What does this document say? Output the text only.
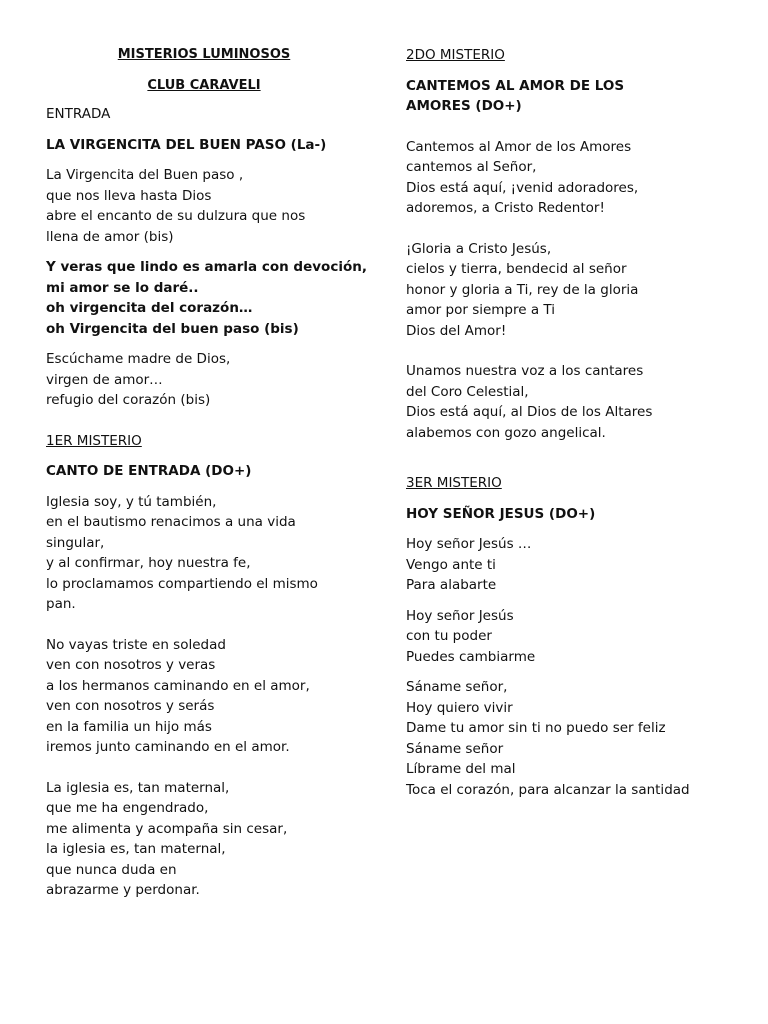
MISTERIOS LUMINOSOS

CLUB CARAVELI

ENTRADA

LA VIRGENCITA DEL BUEN PASO (La-)

La Virgencita del Buen paso ,
que nos lleva hasta Dios
abre el encanto de su dulzura que nos
llena de amor (bis)

Y veras que lindo es amarla con devoción,
mi amor se lo daré..
oh virgencita del corazón…
oh Virgencita del buen paso (bis)

Escúchame madre de Dios,
virgen de amor…
refugio del corazón (bis)

1ER MISTERIO

CANTO DE ENTRADA (DO+)

Iglesia soy, y tú también,
en el bautismo renacimos a una vida
singular,
y al confirmar, hoy nuestra fe,
lo proclamamos compartiendo el mismo
pan.

No vayas triste en soledad
ven con nosotros y veras
a los hermanos caminando en el amor,
ven con nosotros y serás
en la familia un hijo más
iremos junto caminando en el amor.

La iglesia es, tan maternal,
que me ha engendrado,
me alimenta y acompaña sin cesar,
la iglesia es, tan maternal,
que nunca duda en
abrazarme y perdonar.

2DO MISTERIO

CANTEMOS AL AMOR DE LOS
AMORES (DO+)

Cantemos al Amor de los Amores
cantemos al Señor,
Dios está aquí, ¡venid adoradores,
adoremos, a Cristo Redentor!

¡Gloria a Cristo Jesús,
cielos y tierra, bendecid al señor
honor y gloria a Ti, rey de la gloria
amor por siempre a Ti
Dios del Amor!

Unamos nuestra voz a los cantares
del Coro Celestial,
Dios está aquí, al Dios de los Altares
alabemos con gozo angelical.

3ER MISTERIO

HOY SEÑOR JESUS (DO+)

Hoy señor Jesús …
Vengo ante ti
Para alabarte

Hoy señor Jesús
con tu poder
Puedes cambiarme

Sáname señor,
Hoy quiero vivir
Dame tu amor sin ti no puedo ser feliz
Sáname señor
Líbrame del mal
Toca el corazón, para alcanzar la santidad
